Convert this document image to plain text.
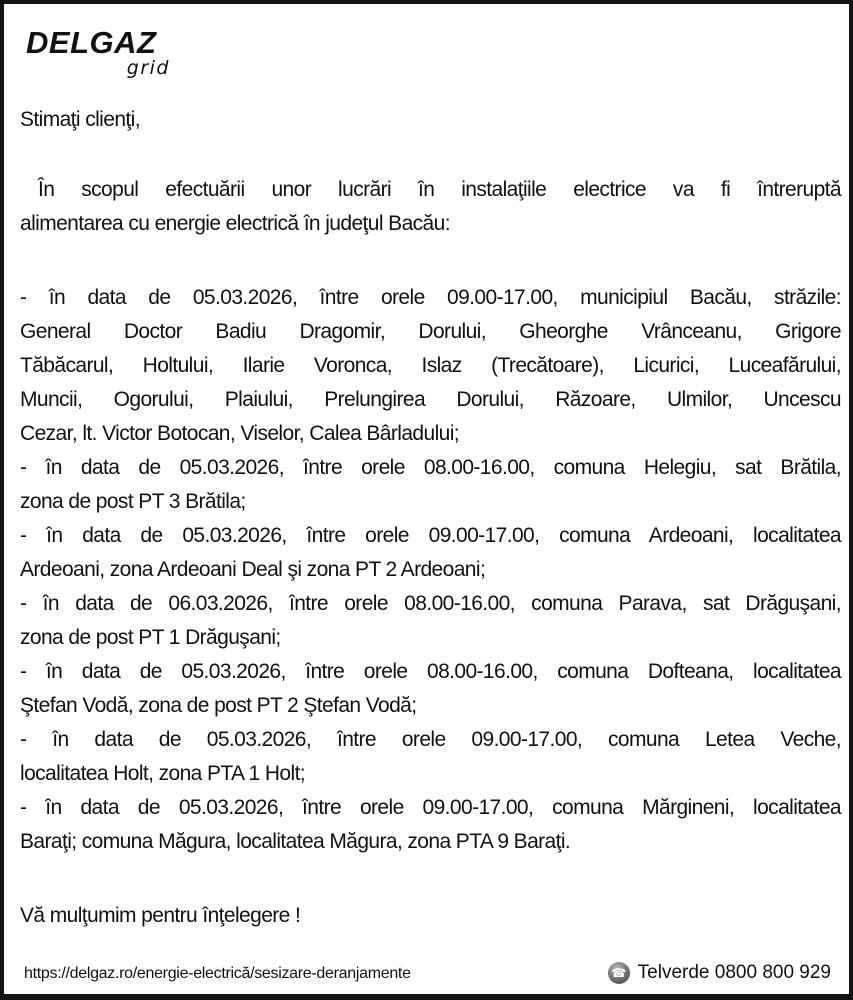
DELGAZ
grid
Stimaţi clienţi,
În scopul efectuării unor lucrări în instalaţiile electrice va fi întreruptă
alimentarea cu energie electrică în judeţul Bacău:
- în data de 05.03.2026, între orele 09.00-17.00, municipiul Bacău, străzile:
General Doctor Badiu Dragomir, Dorului, Gheorghe Vrânceanu, Grigore
Tăbăcarul, Holtului, Ilarie Voronca, Islaz (Trecătoare), Licurici, Luceafărului,
Muncii, Ogorului, Plaiului, Prelungirea Dorului, Răzoare, Ulmilor, Uncescu
Cezar, lt. Victor Botocan, Viselor, Calea Bârladului;
- în data de 05.03.2026, între orele 08.00-16.00, comuna Helegiu, sat Brătila,
zona de post PT 3 Brătila;
- în data de 05.03.2026, între orele 09.00-17.00, comuna Ardeoani, localitatea
Ardeoani, zona Ardeoani Deal şi zona PT 2 Ardeoani;
- în data de 06.03.2026, între orele 08.00-16.00, comuna Parava, sat Drăguşani,
zona de post PT 1 Drăguşani;
- în data de 05.03.2026, între orele 08.00-16.00, comuna Dofteana, localitatea
Ştefan Vodă, zona de post PT 2 Ştefan Vodă;
- în data de 05.03.2026, între orele 09.00-17.00, comuna Letea Veche,
localitatea Holt, zona PTA 1 Holt;
- în data de 05.03.2026, între orele 09.00-17.00, comuna Mărgineni, localitatea
Baraţi; comuna Măgura, localitatea Măgura, zona PTA 9 Baraţi.
Vă mulţumim pentru înţelegere !
https://delgaz.ro/energie-electrică/sesizare-deranjamente	☎ Telverde 0800 800 929
